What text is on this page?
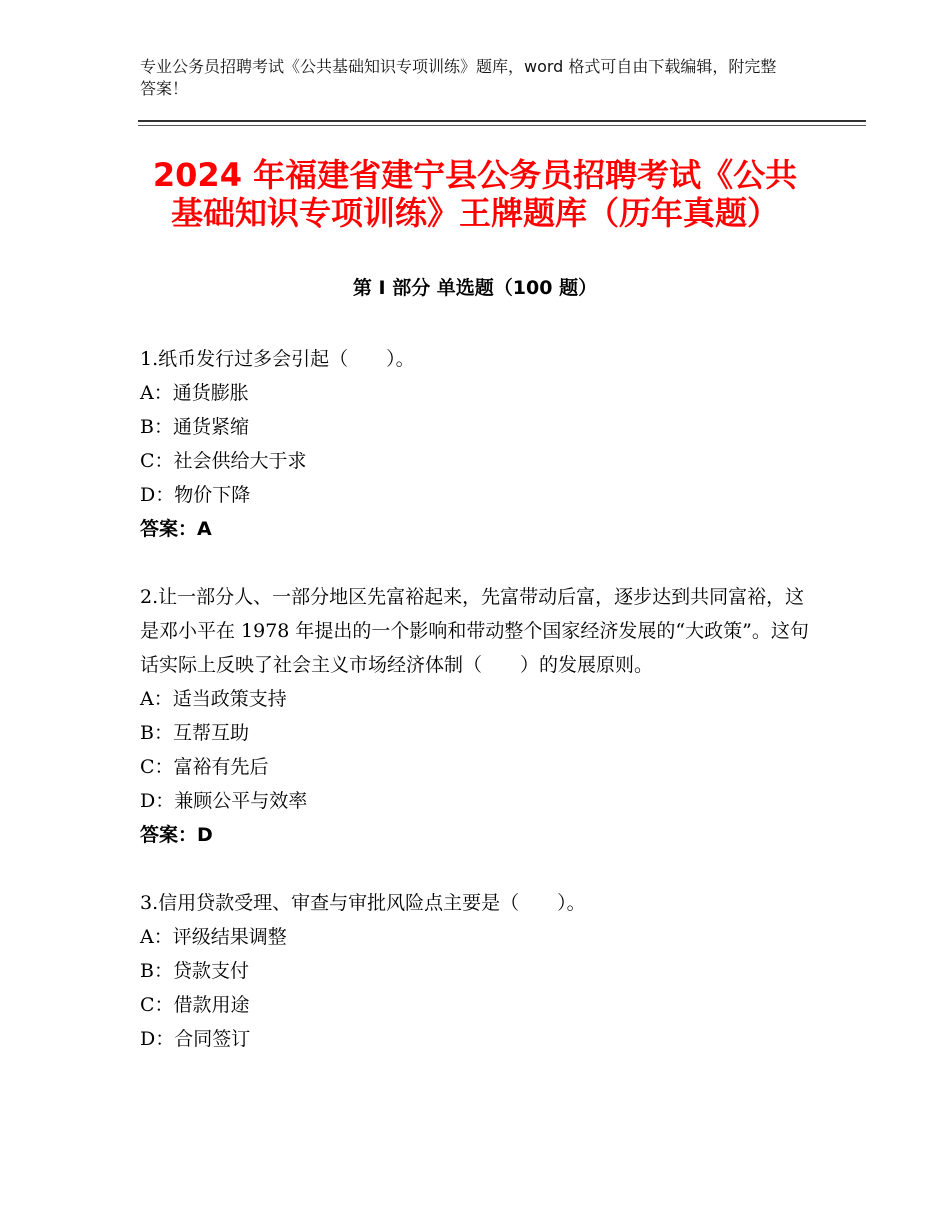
专业公务员招聘考试《公共基础知识专项训练》题库，word 格式可自由下载编辑，附完整答案！
2024 年福建省建宁县公务员招聘考试《公共
基础知识专项训练》王牌题库（历年真题）
第 I 部分 单选题（100 题）
1.纸币发行过多会引起（　　）。
A：通货膨胀
B：通货紧缩
C：社会供给大于求
D：物价下降
答案：A
2.让一部分人、一部分地区先富裕起来，先富带动后富，逐步达到共同富裕，这是邓小平在 1978 年提出的一个影响和带动整个国家经济发展的“大政策”。这句话实际上反映了社会主义市场经济体制（　　）的发展原则。
A：适当政策支持
B：互帮互助
C：富裕有先后
D：兼顾公平与效率
答案：D
3.信用贷款受理、审查与审批风险点主要是（　　）。
A：评级结果调整
B：贷款支付
C：借款用途
D：合同签订
